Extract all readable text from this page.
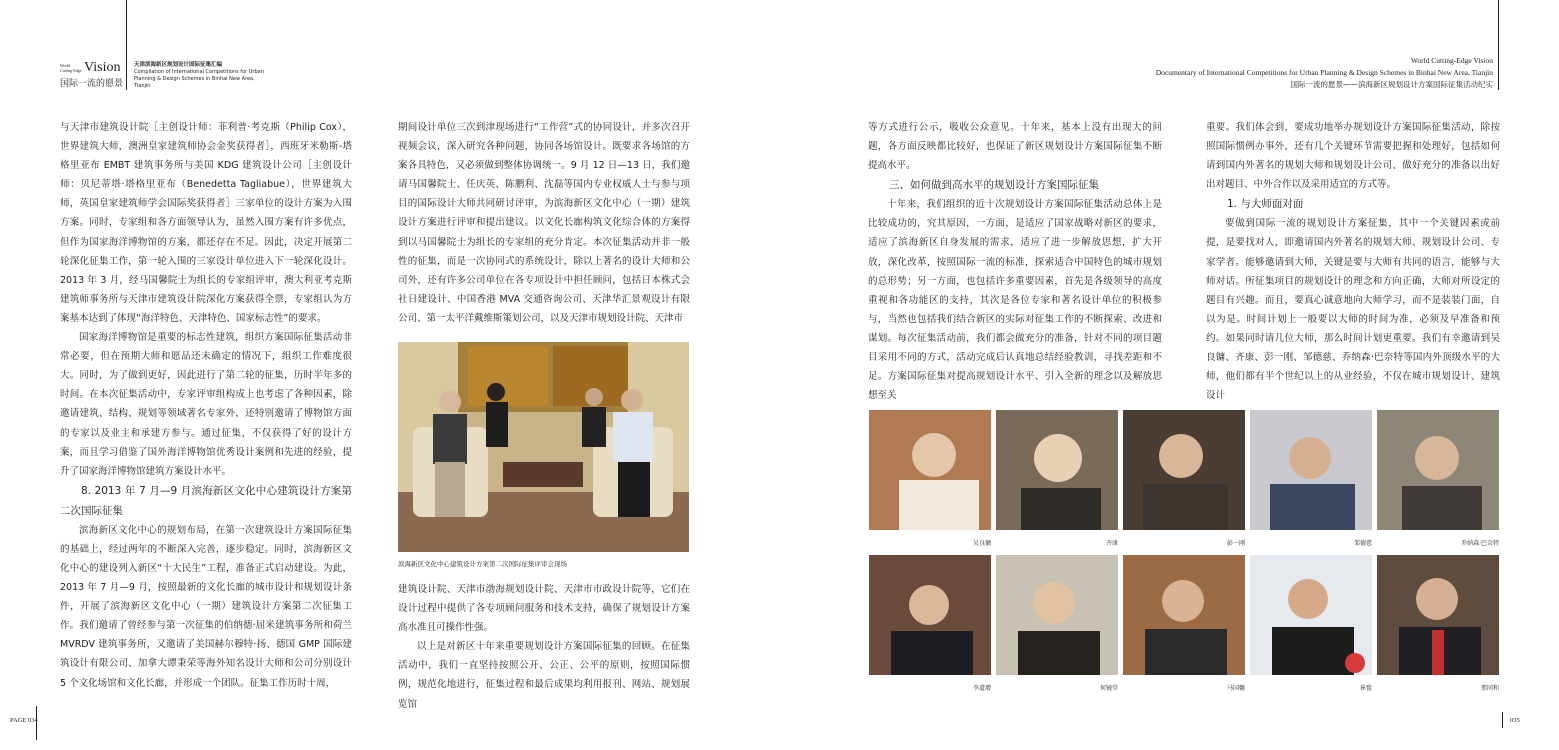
World Cutting-Edge Vision
国际一流的愿景
天津滨海新区规划设计国际征集汇编
Compilation of International Competitions for Urban Planning & Design Schemes in Binhai New Area, Tianjin
World Cutting-Edge Vision
Documentary of International Competitions for Urban Planning & Design Schemes in Binhai New Area, Tianjin
国际一流的愿景——滨海新区规划设计方案国际征集活动纪实

与天津市建筑设计院［主创设计师：菲利普·考克斯（Philip Cox）， 世界建筑大师，澳洲皇家建筑师协会金奖获得者］，西班牙米勒斯-塔格里亚布 EMBT 建筑事务所与美国 KDG 建筑设计公司［主创设计师：贝尼蒂塔·塔格里亚布（Benedetta Tagliabue），世界建筑大师，英国皇家建筑师学会国际奖获得者］三家单位的设计方案为入围方案。同时，专家组和各方面领导认为，虽然入围方案有许多优点，但作为国家海洋博物馆的方案，都还存在不足。因此，决定开展第二轮深化征集工作，第一轮入围的三家设计单位进入下一轮深化设计。2013 年 3 月，经马国馨院士为组长的专家组评审，澳大利亚考克斯建筑师事务所与天津市建筑设计院深化方案获得全票，专家组认为方案基本达到了体现“海洋特色、天津特色、国家标志性”的要求。

国家海洋博物馆是重要的标志性建筑，组织方案国际征集活动非常必要，但在预期大师和愿品还未确定的情况下，组织工作难度很大。同时，为了做到更好，因此进行了第二轮的征集，历时半年多的时间。在本次征集活动中，专家评审组构成上也考虑了各种因素，除邀请建筑、结构、规划等领域著名专家外，还特别邀请了博物馆方面的专家以及业主和承建方参与。通过征集，不仅获得了好的设计方案，而且学习借鉴了国外海洋博物馆优秀设计案例和先进的经验，提升了国家海洋博物馆建筑方案设计水平。

8. 2013 年 7 月—9 月滨海新区文化中心建筑设计方案第二次国际征集

滨海新区文化中心的规划布局，在第一次建筑设计方案国际征集的基础上，经过两年的不断深入完善，逐步稳定。同时，滨海新区文化中心的建设列入新区“十大民生”工程，准备正式启动建设。为此，2013 年 7 月—9 月，按照最新的文化长廊的城市设计和规划设计条件，开展了滨海新区文化中心（一期）建筑设计方案第二次征集工作。我们邀请了曾经参与第一次征集的伯纳德·屈米建筑事务所和荷兰 MVRDV 建筑事务所，又邀请了美国赫尔穆特·扬、德国 GMP 国际建筑设计有限公司、加拿大谭秉荣等海外知名设计大师和公司分别设计 5 个文化场馆和文化长廊，并形成一个团队。征集工作历时十周，

期间设计单位三次到津现场进行“工作营”式的协同设计，并多次召开视频会议，深入研究各种问题，协同各场馆设计。既要求各场馆的方案各具特色，又必须做到整体协调统一。9 月 12 日—13 日，我们邀请马国馨院士、任庆英、陈鹏利、沈磊等国内专业权威人士与参与项目的国际设计大师共同研讨评审，为滨海新区文化中心（一期）建筑设计方案进行评审和提出建议。以文化长廊构筑文化综合体的方案得到以马国馨院士为组长的专家组的充分肯定。本次征集活动并非一般性的征集，而是一次协同式的系统设计，除以上著名的设计大师和公司外，还有许多公司单位在各专项设计中担任顾问，包括日本株式会社日建设计、中国香港 MVA 交通咨询公司、天津华汇景观设计有限公司、第一太平洋戴维斯策划公司，以及天津市规划设计院、天津市

滨海新区文化中心建筑设计方案第二次国际征集评审会现场

建筑设计院、天津市渤海规划设计院、天津市市政设计院等，它们在设计过程中提供了各专项顾问服务和技术支持，确保了规划设计方案高水准且可操作性强。

以上是对新区十年来重要规划设计方案国际征集的回顾。在征集活动中，我们一直坚持按照公开、公正、公平的原则，按照国际惯例，规范化地进行，征集过程和最后成果均利用报刊、网站、规划展览馆

等方式进行公示，吸收公众意见。十年来，基本上没有出现大的问题，各方面反映都比较好，也保证了新区规划设计方案国际征集不断提高水平。

三、如何做到高水平的规划设计方案国际征集

十年来，我们组织的近十次规划设计方案国际征集活动总体上是比较成功的，究其原因，一方面，是适应了国家战略对新区的要求，适应了滨海新区自身发展的需求，适应了进一步解放思想，扩大开放，深化改革，按照国际一流的标准，探索适合中国特色的城市规划的总形势；另一方面，也包括许多重要因素，首先是各级领导的高度重视和各功能区的支持，其次是各位专家和著名设计单位的积极参与，当然也包括我们结合新区的实际对征集工作的不断探索、改进和谋划。每次征集活动前，我们都会做充分的准备，针对不同的项目题目采用不同的方式，活动完成后认真地总结经验教训，寻找差距和不足。方案国际征集对提高规划设计水平、引入全新的理念以及解放思想至关

重要。我们体会到，要成功地举办规划设计方案国际征集活动，除按照国际惯例办事外，还有几个关键环节需要把握和处理好，包括如何请到国内外著名的规划大师和规划设计公司、做好充分的准备以出好出对题目、中外合作以及采用适宜的方式等。

1. 与大师面对面

要做到国际一流的规划设计方案征集，其中一个关键因素或前提，是要找对人，即邀请国内外著名的规划大师、规划设计公司、专家学者。能够邀请到大师，关键是要与大师有共同的语言，能够与大师对话。所征集项目的规划设计的理念和方向正确，大师对所设定的题目有兴趣。而且，要真心诚意地向大师学习，而不是装装门面，自以为是。时间计划上一般要以大师的时间为准，必须及早准备和预约。如果同时请几位大师，那么时间计划更重要。我们有幸邀请到吴良镛、齐康、彭一刚、邹德慈、乔纳森·巴奈特等国内外顶级水平的大师，他们都有半个世纪以上的从业经验，不仅在城市规划设计、建筑设计

吴良镛	齐康	彭一刚	邹德慈	乔纳森·巴奈特
李道增	何镜堂	马国馨	崔愷	邢同和
PAGE 034	035
